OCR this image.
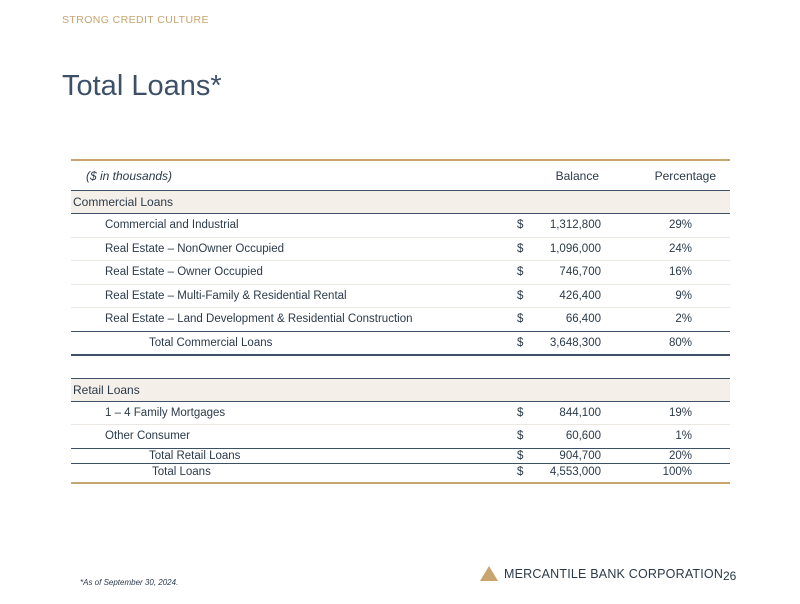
STRONG CREDIT CULTURE
Total Loans*
($ in thousands)	Balance	Percentage
Commercial Loans
Commercial and Industrial	$ 1,312,800	29%
Real Estate – NonOwner Occupied	$ 1,096,000	24%
Real Estate – Owner Occupied	$	746,700	16%
Real Estate – Multi-Family & Residential Rental	$	426,400	9%
Real Estate – Land Development & Residential Construction	$	66,400	2%
Total Commercial Loans	$ 3,648,300	80%
Retail Loans
1 – 4 Family Mortgages	$	844,100	19%
Other Consumer	$	60,600	1%
Total Retail Loans	$	904,700	20%
Total Loans	$ 4,553,000	100%
*As of September 30, 2024.
MERCANTILE BANK CORPORATION 26
